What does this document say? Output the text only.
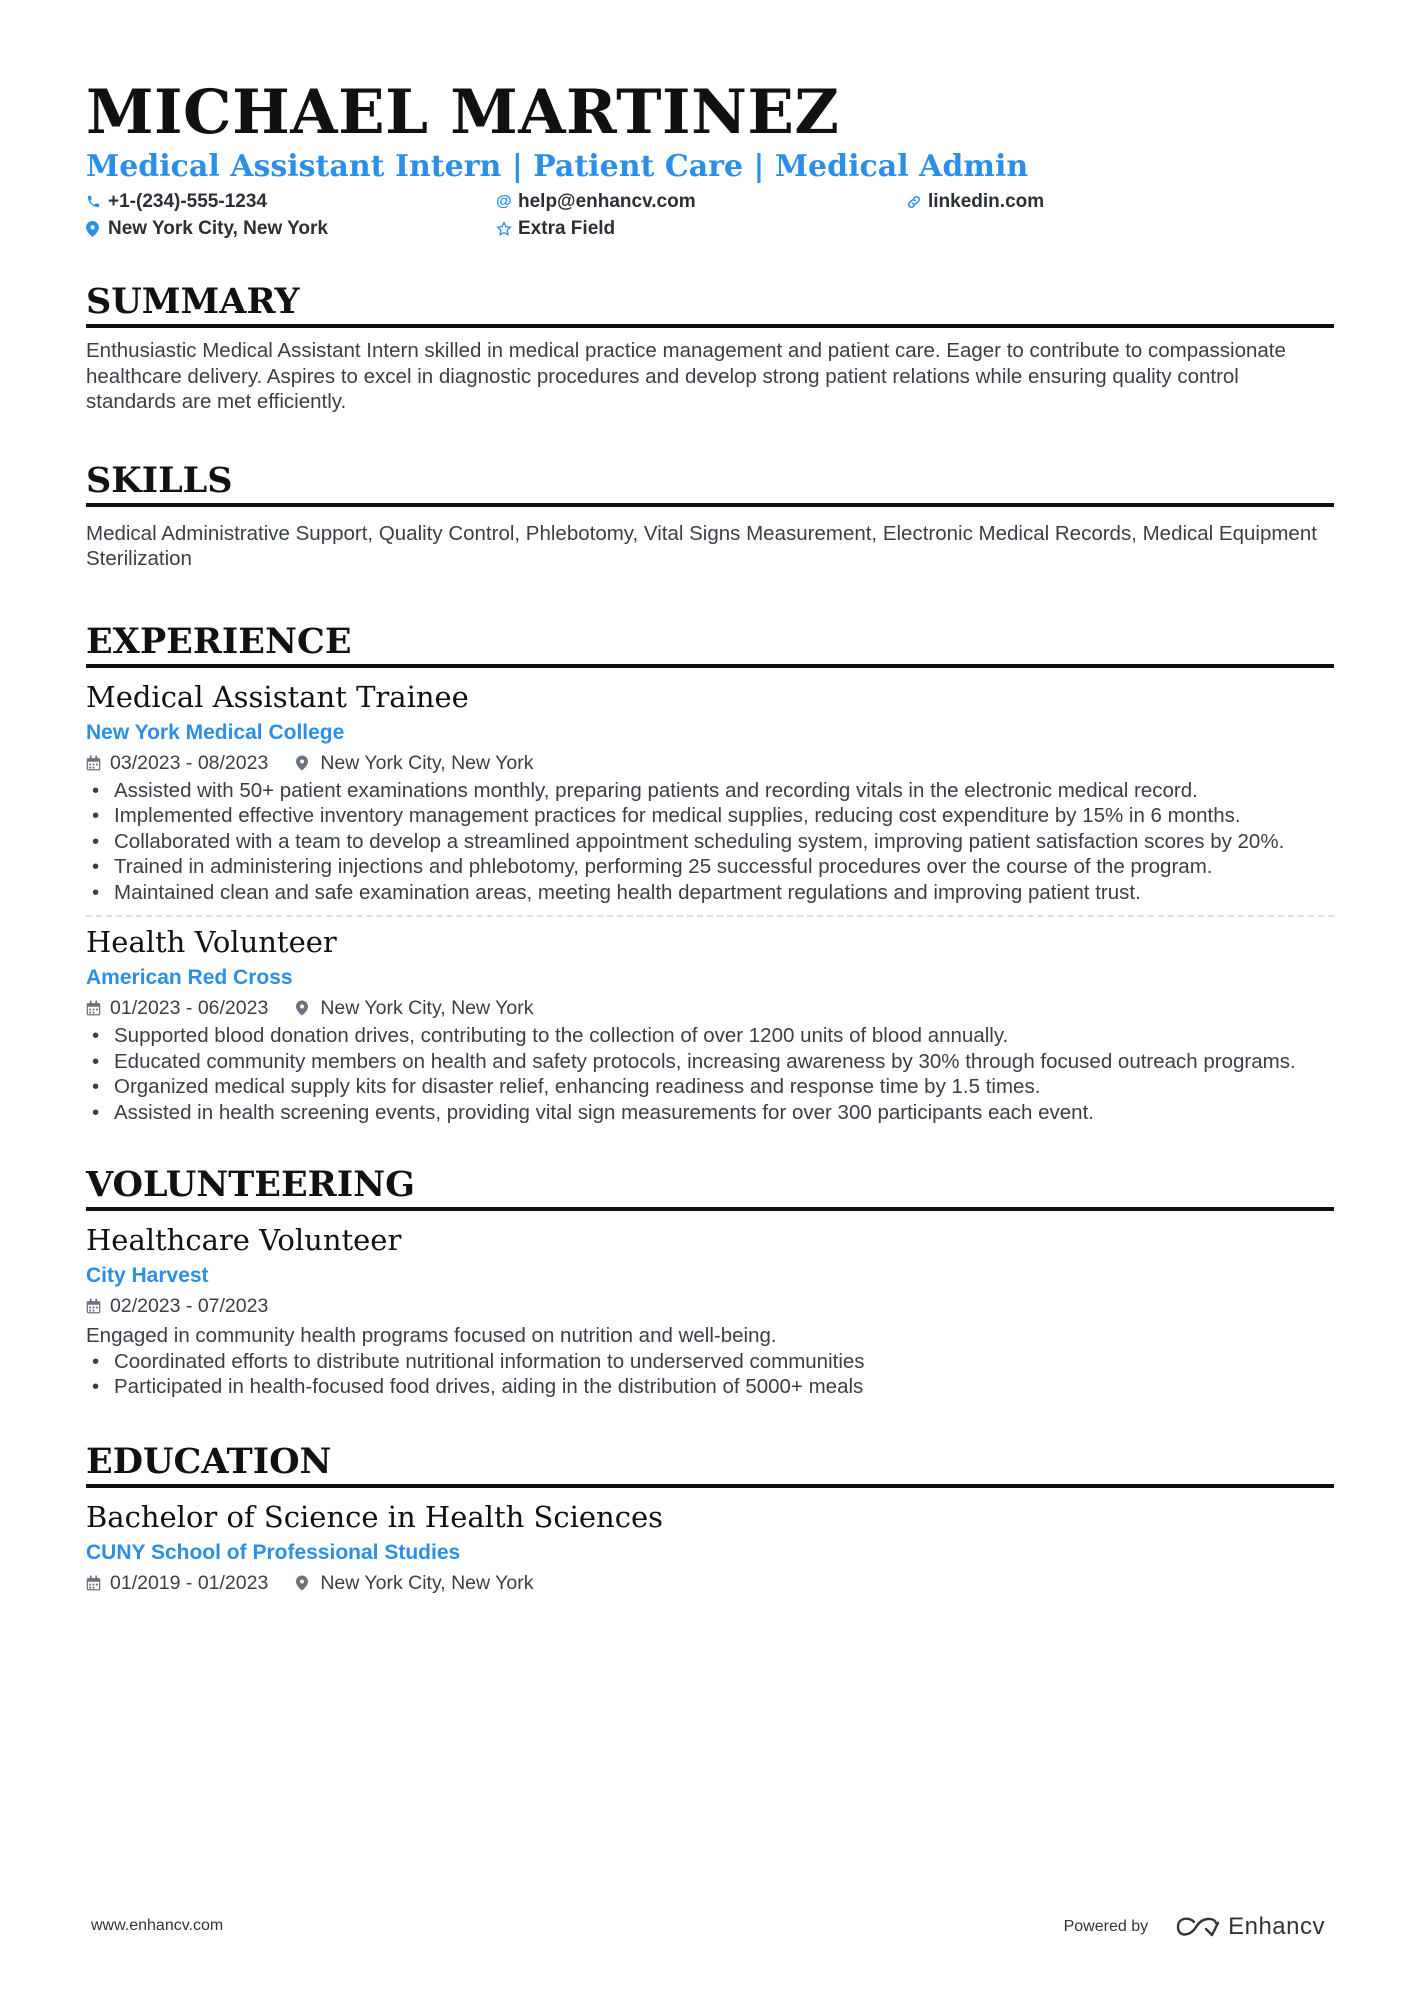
MICHAEL MARTINEZ
Medical Assistant Intern | Patient Care | Medical Admin
+1-(234)-555-1234	@ help@enhancv.com	linkedin.com
New York City, New York	Extra Field
SUMMARY
Enthusiastic Medical Assistant Intern skilled in medical practice management and patient care. Eager to contribute to compassionate healthcare delivery. Aspires to excel in diagnostic procedures and develop strong patient relations while ensuring quality control standards are met efficiently.
SKILLS
Medical Administrative Support, Quality Control, Phlebotomy, Vital Signs Measurement, Electronic Medical Records, Medical Equipment Sterilization
EXPERIENCE
Medical Assistant Trainee
New York Medical College
03/2023 - 08/2023	New York City, New York
• Assisted with 50+ patient examinations monthly, preparing patients and recording vitals in the electronic medical record.
• Implemented effective inventory management practices for medical supplies, reducing cost expenditure by 15% in 6 months.
• Collaborated with a team to develop a streamlined appointment scheduling system, improving patient satisfaction scores by 20%.
• Trained in administering injections and phlebotomy, performing 25 successful procedures over the course of the program.
• Maintained clean and safe examination areas, meeting health department regulations and improving patient trust.
Health Volunteer
American Red Cross
01/2023 - 06/2023	New York City, New York
• Supported blood donation drives, contributing to the collection of over 1200 units of blood annually.
• Educated community members on health and safety protocols, increasing awareness by 30% through focused outreach programs.
• Organized medical supply kits for disaster relief, enhancing readiness and response time by 1.5 times.
• Assisted in health screening events, providing vital sign measurements for over 300 participants each event.
VOLUNTEERING
Healthcare Volunteer
City Harvest
02/2023 - 07/2023
Engaged in community health programs focused on nutrition and well-being.
• Coordinated efforts to distribute nutritional information to underserved communities
• Participated in health-focused food drives, aiding in the distribution of 5000+ meals
EDUCATION
Bachelor of Science in Health Sciences
CUNY School of Professional Studies
01/2019 - 01/2023	New York City, New York
www.enhancv.com	Powered by	Enhancv
